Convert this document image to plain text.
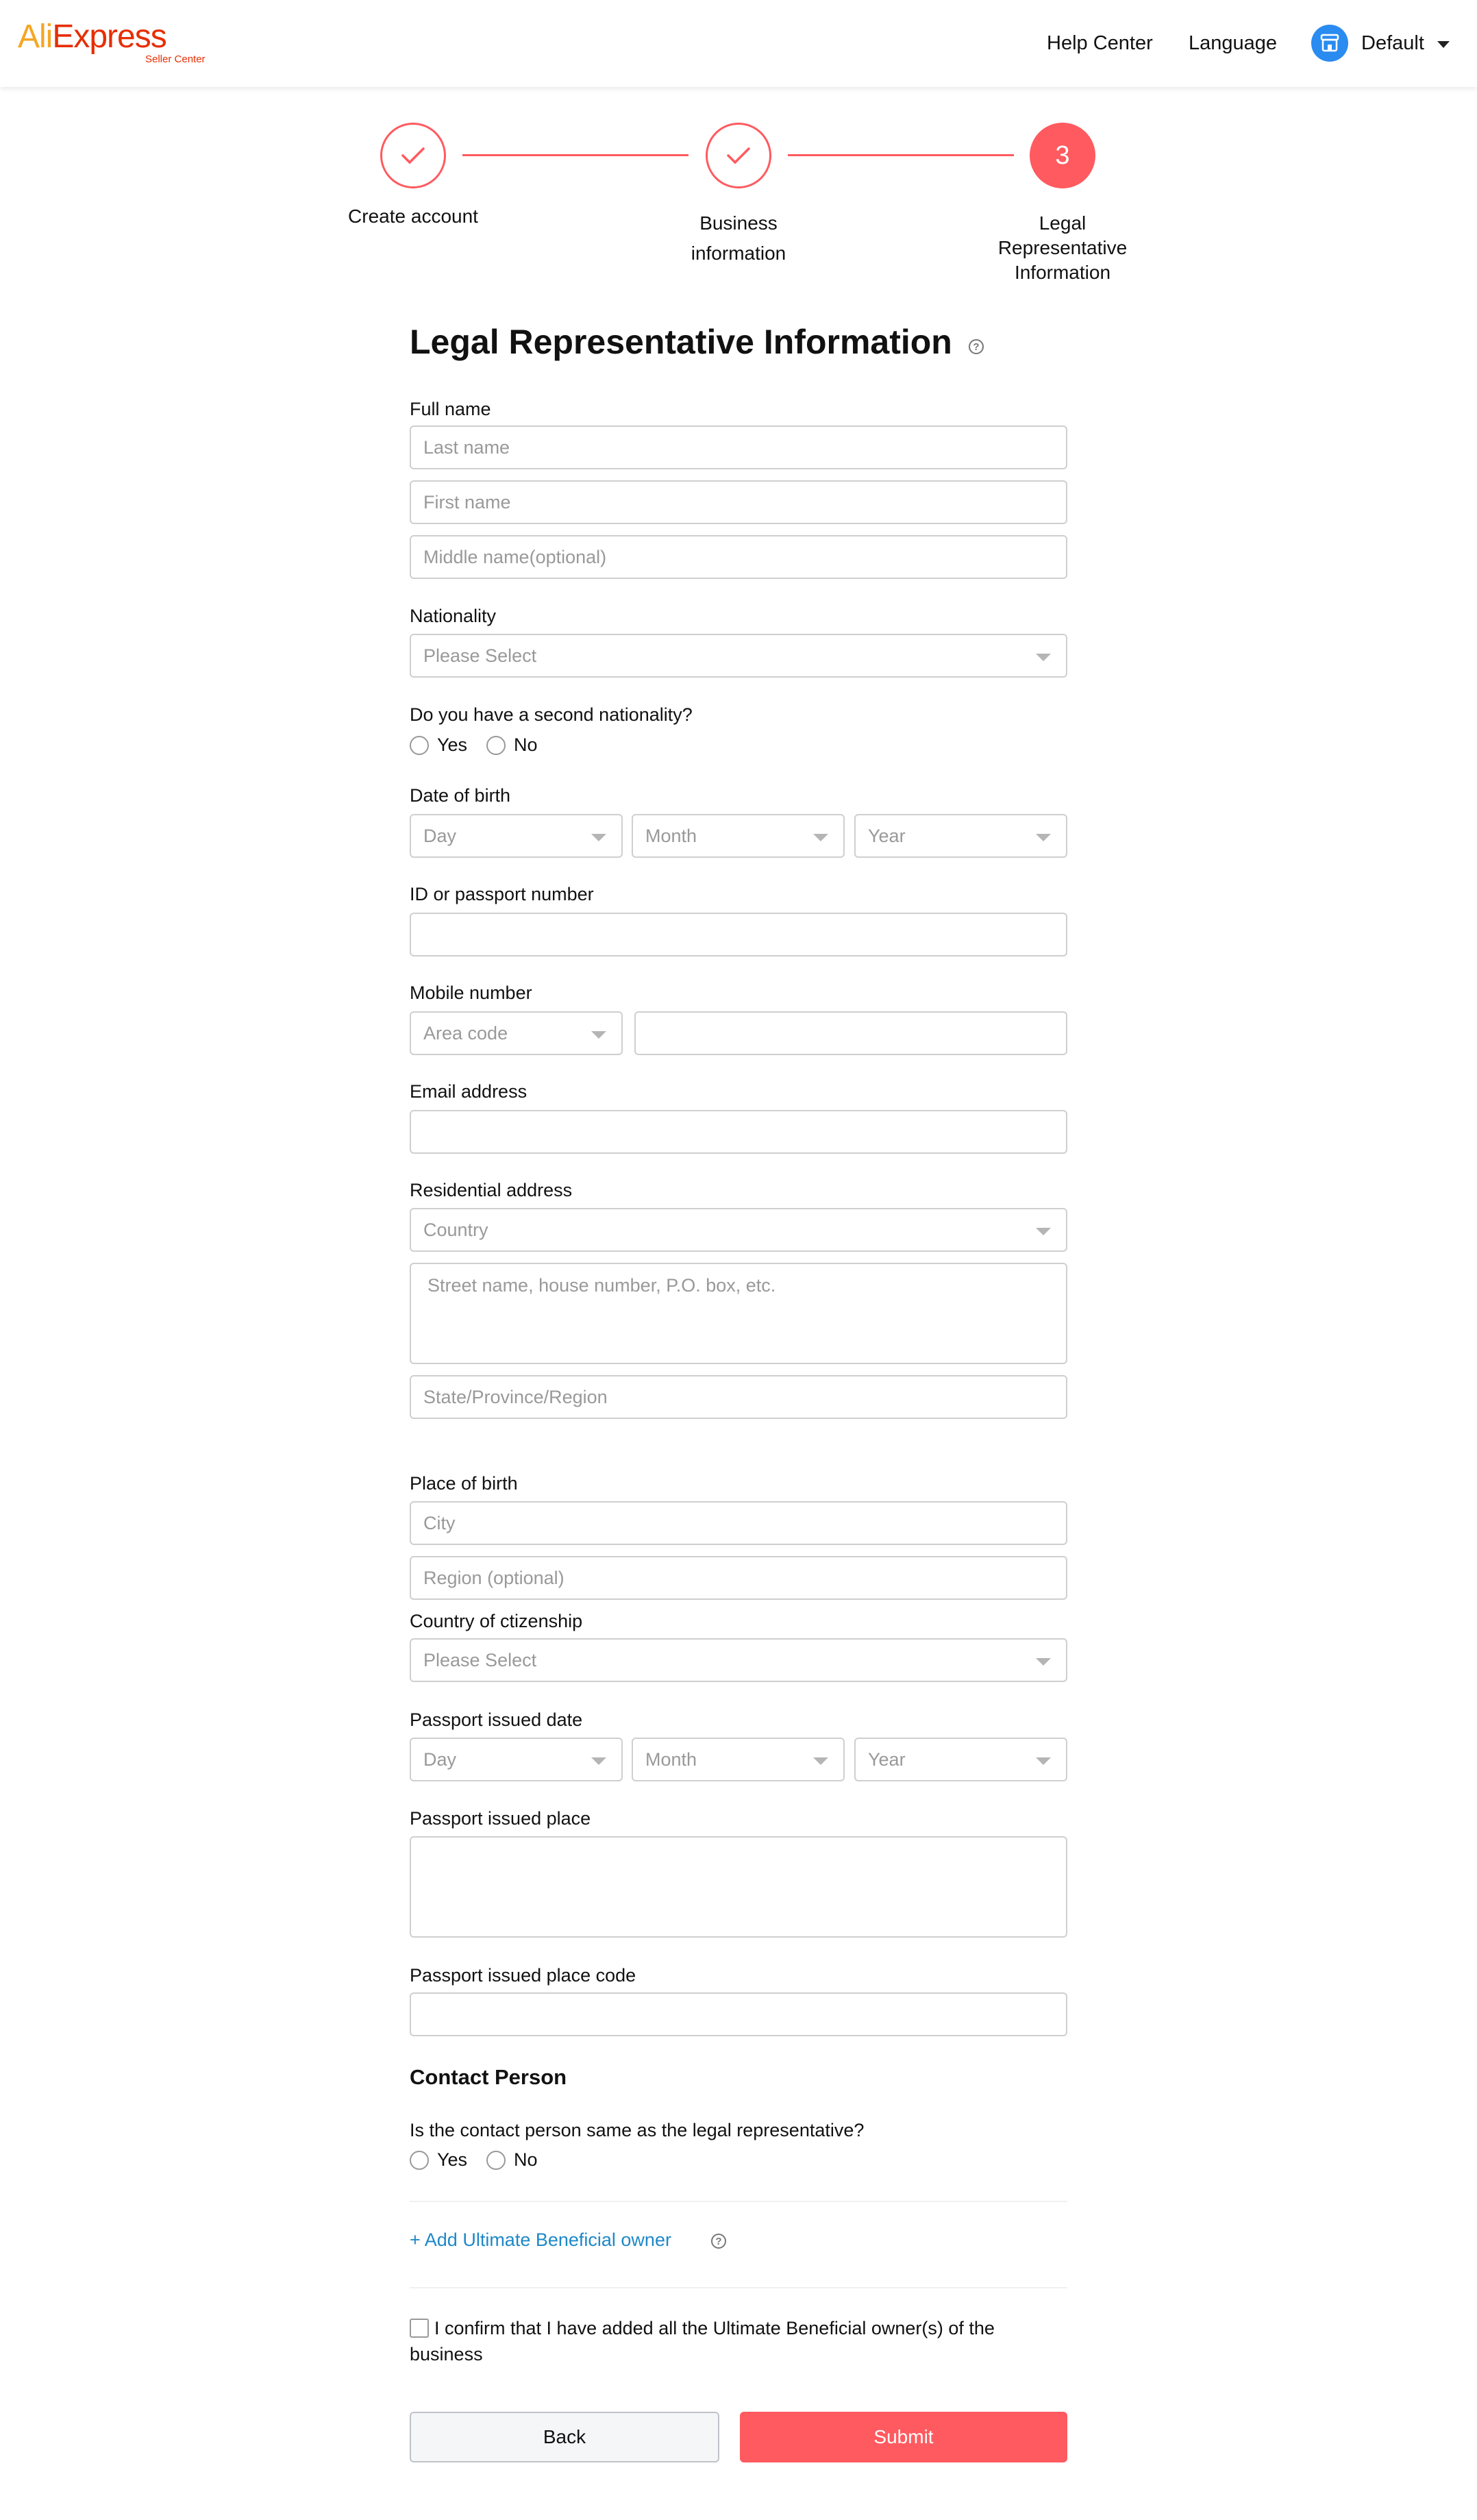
AliExpress
Seller Center
Help Center Language	Default
3
Create account	Business
information
Legal
Representative
Information
Legal Representative Information	?
Full name
Last name
First name
Middle name(optional)
Nationality
Please Select
Do you have a second nationality?
Yes	No
Date of birth
Day	Month	Year
ID or passport number
Mobile number
Area code
Email address
Residential address
Country
Street name, house number, P.O. box, etc.
State/Province/Region
Place of birth
City
Region (optional)
Country of ctizenship
Please Select
Passport issued date
Day	Month	Year
Passport issued place
Passport issued place code
Contact Person
Is the contact person same as the legal representative?
Yes	No
+ Add Ultimate Beneficial owner	?
I confirm that I have added all the Ultimate Beneficial owner(s) of the business
Back	Submit
